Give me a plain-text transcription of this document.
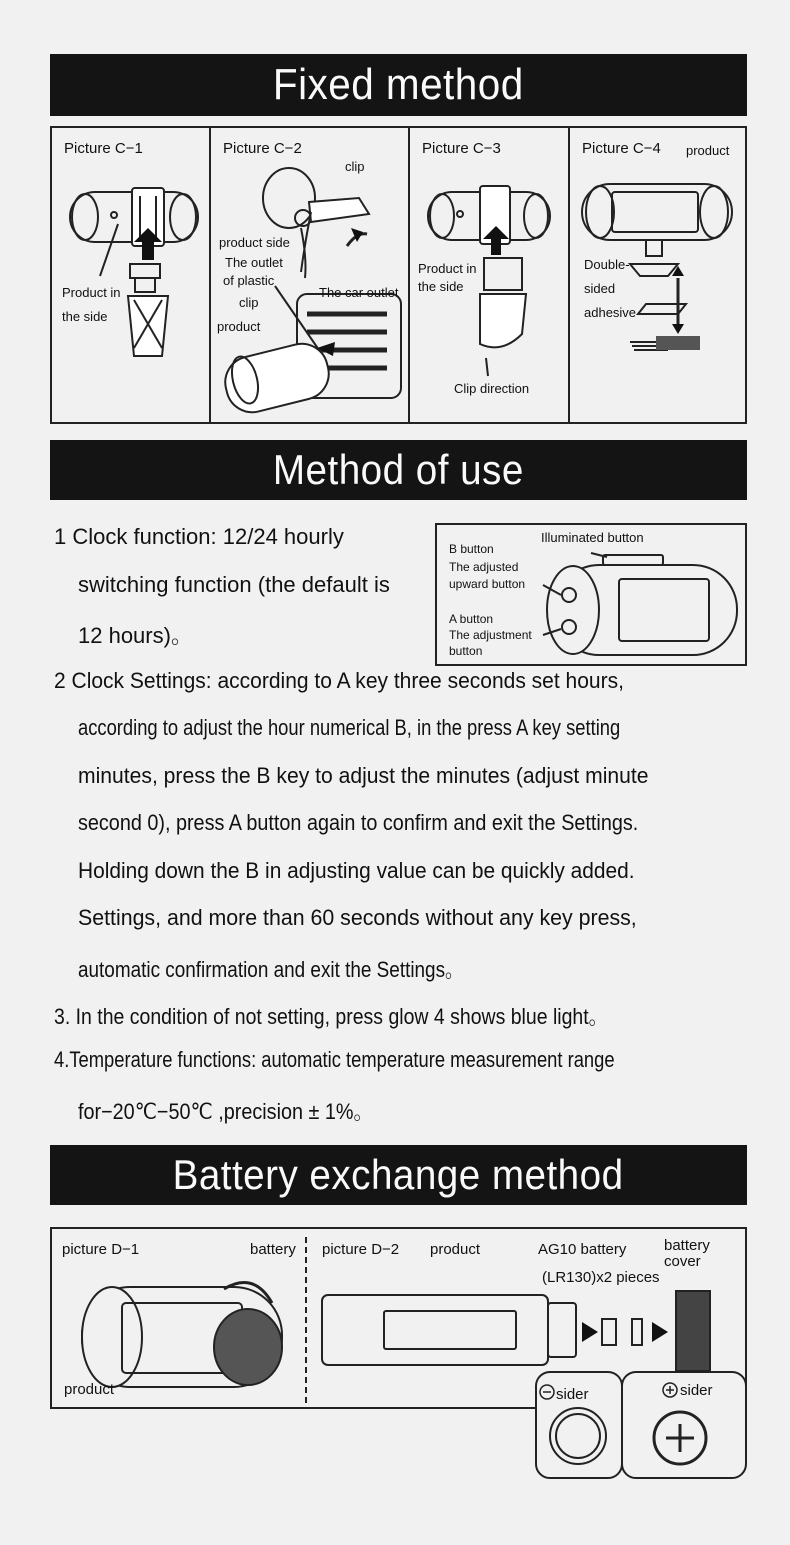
Fixed method
Picture C−1
Product in
the side
Picture C−2
clip
product side
The outlet
of plastic
clip
The car outlet
product
Picture C−3
Product in
the side
Clip direction
Picture C−4 product
Double-
sided
adhesive
Method of use
Illuminated button
B button
The adjusted
upward button
A button
The adjustment
button
1 Clock function: 12/24 hourly
switching function (the default is
12 hours)。
2 Clock Settings: according to A key three seconds set hours,
according to adjust the hour numerical B, in the press A key setting
minutes, press the B key to adjust the minutes (adjust minute
second 0), press A button again to confirm and exit the Settings.
Holding down the B in adjusting value can be quickly added.
Settings, and more than 60 seconds without any key press,
automatic confirmation and exit the Settings。
3. In the condition of not setting, press glow 4 shows blue light。
4.Temperature functions: automatic temperature measurement range
for−20℃−50℃ ,precision ± 1%。
Battery exchange method
picture D−1	battery
product
picture D−2 product	AG10 battery
(LR130)x2 pieces
battery
cover
sider	sider
